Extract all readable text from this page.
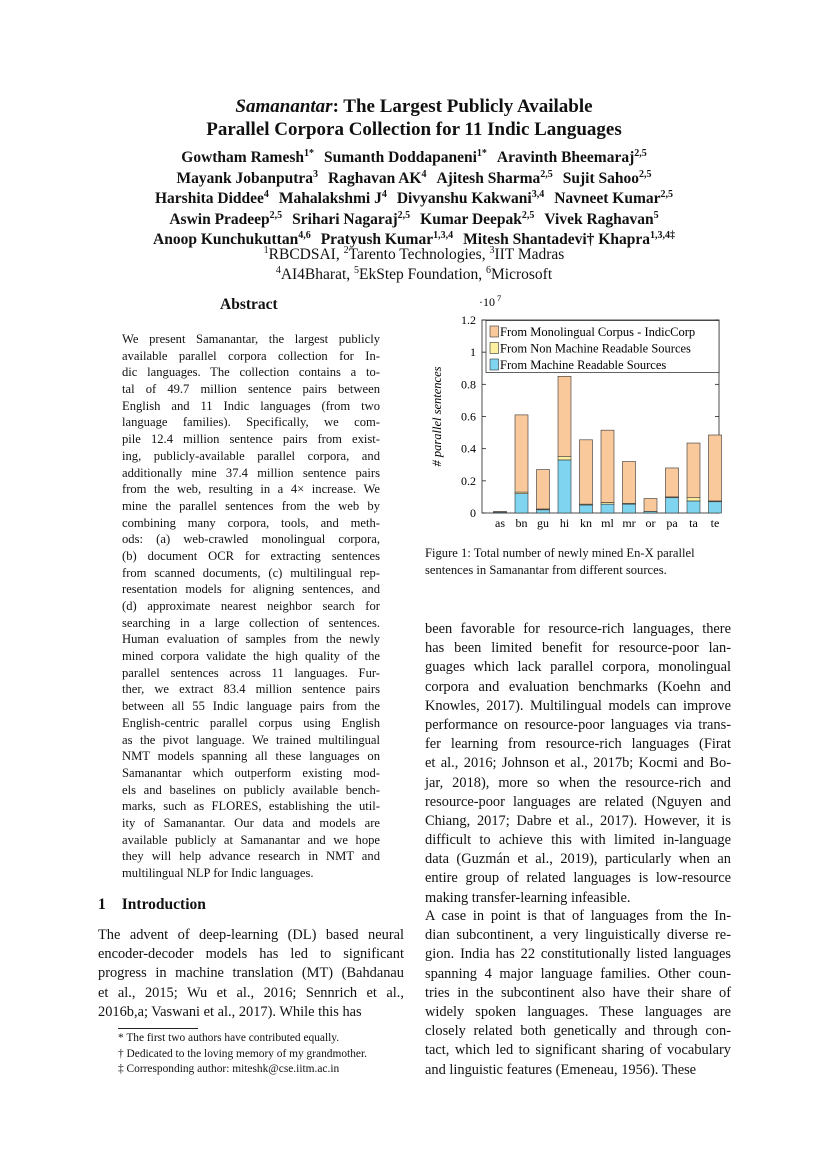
Samanantar: The Largest Publicly Available
Parallel Corpora Collection for 11 Indic Languages
Gowtham Ramesh$^{1*}$ Sumanth Doddapaneni$^{1*}$ Aravinth Bheemaraj$^{2,5}$
Mayank Jobanputra$^3$ Raghavan $AK^4$ Ajitesh Sharma$^{2,5}$ Sujit Sahoo$^{2,5}$
Harshita Diddee$^4$ Mahalakshmi $J^4$ Divyanshu Kakwani$^{3,4}$ Navneet Kumar$^{2,5}$
Aswin Pradeep$^{2,5}$ Srihari Nagaraj$^{2,5}$ Kumar Deepak$^{2,5}$ Vivek Raghavan$^5$
Anoop Kunchukuttan$^{4,6}$ Pratyush Kumar$^{1,3,4}$ Mitesh Shantadevi† Khapra$^{1,3,4\ddagger}$
$^1$RBCDSAI, $^2$Tarento Technologies, $^3$IIT Madras
$^4$AI4Bharat, $^5$EkStep Foundation, $^6$Microsoft
Abstract
We present Samanantar, the largest publicly
available parallel corpora collection for In-
dic languages. The collection contains a to-
tal of 49.7 million sentence pairs between
English and 11 Indic languages (from two
language families). Specifically, we com-
pile 12.4 million sentence pairs from exist-
ing, publicly-available parallel corpora, and
additionally mine 37.4 million sentence pairs
from the web, resulting in a 4× increase. We
mine the parallel sentences from the web by
combining many corpora, tools, and meth-
ods: (a) web-crawled monolingual corpora,
(b) document OCR for extracting sentences
from scanned documents, (c) multilingual rep-
resentation models for aligning sentences, and
(d) approximate nearest neighbor search for
searching in a large collection of sentences.
Human evaluation of samples from the newly
mined corpora validate the high quality of the
parallel sentences across 11 languages. Fur-
ther, we extract 83.4 million sentence pairs
between all 55 Indic language pairs from the
English-centric parallel corpus using English
as the pivot language. We trained multilingual
NMT models spanning all these languages on
Samanantar which outperform existing mod-
els and baselines on publicly available bench-
marks, such as FLORES, establishing the util-
ity of Samanantar. Our data and models are
available publicly at Samanantar and we hope
they will help advance research in NMT and
multilingual NLP for Indic languages.
1 Introduction
The advent of deep-learning (DL) based neural
encoder-decoder models has led to significant
progress in machine translation (MT) (Bahdanau
et al., 2015; Wu et al., 2016; Sennrich et al.,
2016b,a; Vaswani et al., 2017). While this has
* The first two authors have contributed equally.
† Dedicated to the loving memory of my grandmother.
‡ Corresponding author: miteshk@cse.iitm.ac.in
0
0.2
0.4
0.6
0.8
1
1.2
·10 7
# parallel sentences
as bn gu hi kn ml mr or pa ta te
From Monolingual Corpus - IndicCorp
From Non Machine Readable Sources
From Machine Readable Sources
Figure 1: Total number of newly mined En-X parallel
sentences in Samanantar from different sources.
been favorable for resource-rich languages, there
has been limited benefit for resource-poor lan-
guages which lack parallel corpora, monolingual
corpora and evaluation benchmarks (Koehn and
Knowles, 2017). Multilingual models can improve
performance on resource-poor languages via trans-
fer learning from resource-rich languages (Firat
et al., 2016; Johnson et al., 2017b; Kocmi and Bo-
jar, 2018), more so when the resource-rich and
resource-poor languages are related (Nguyen and
Chiang, 2017; Dabre et al., 2017). However, it is
difficult to achieve this with limited in-language
data (Guzmán et al., 2019), particularly when an
entire group of related languages is low-resource
making transfer-learning infeasible.
A case in point is that of languages from the In-
dian subcontinent, a very linguistically diverse re-
gion. India has 22 constitutionally listed languages
spanning 4 major language families. Other coun-
tries in the subcontinent also have their share of
widely spoken languages. These languages are
closely related both genetically and through con-
tact, which led to significant sharing of vocabulary
and linguistic features (Emeneau, 1956). These
